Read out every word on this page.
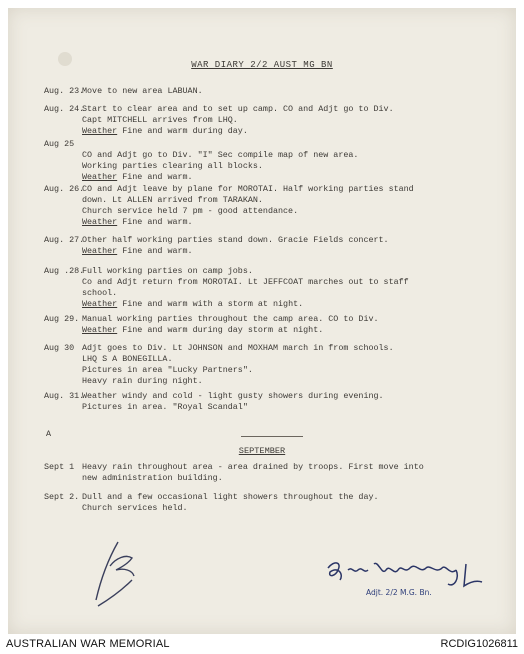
WAR DIARY 2/2 AUST MG BN
Aug. 23.
Move to new area LABUAN.
Aug. 24.
Start to clear area and to set up camp. CO and Adjt go to Div.
Capt MITCHELL arrives from LHQ.
Weather Fine and warm during day.
Aug 25

CO and Adjt go to Div. "I" Sec compile map of new area.
Working parties clearing all blocks.
Weather Fine and warm.
Aug. 26.
CO and Adjt leave by plane for MOROTAI. Half working parties stand
down. Lt ALLEN arrived from TARAKAN.
Church service held 7 pm - good attendance.
Weather Fine and warm.
Aug. 27.
Other half working parties stand down. Gracie Fields concert.
Weather Fine and warm.
Aug .28.
Full working parties on camp jobs.
Co and Adjt return from MOROTAI. Lt JEFFCOAT marches out to staff
school.
Weather Fine and warm with a storm at night.
Aug 29. Manual working parties throughout the camp area. CO to Div.
Weather Fine and warm during day storm at night.
Aug 30 Adjt goes to Div. Lt JOHNSON and MOXHAM march in from schools.
LHQ S A BONEGILLA.
Pictures in area "Lucky Partners".
Heavy rain during night.
Aug. 31.
Weather windy and cold - light gusty showers during evening.
Pictures in area. "Royal Scandal"
A
SEPTEMBER
Sept 1 Heavy rain throughout area - area drained by troops. First move into
new administration building.
Sept 2. Dull and a few occasional light showers throughout the day.
Church services held.
Adjt. 2/2 M.G. Bn.
AUSTRALIAN WAR MEMORIAL	RCDIG1026811
